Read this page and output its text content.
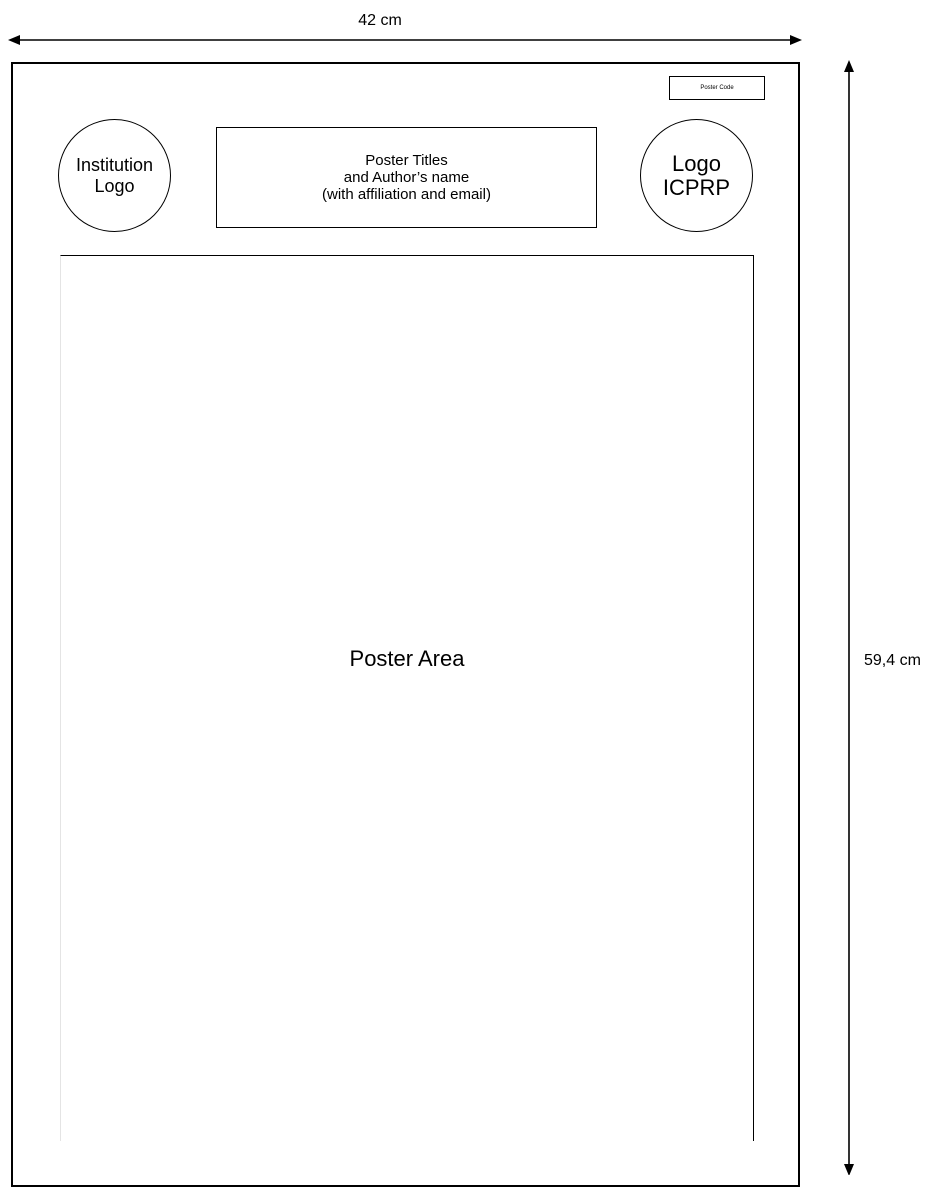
42 cm
59,4 cm
Poster Code
Institution
Logo
Poster Titles
and Author’s name
(with affiliation and email)
Logo
ICPRP
Poster Area
